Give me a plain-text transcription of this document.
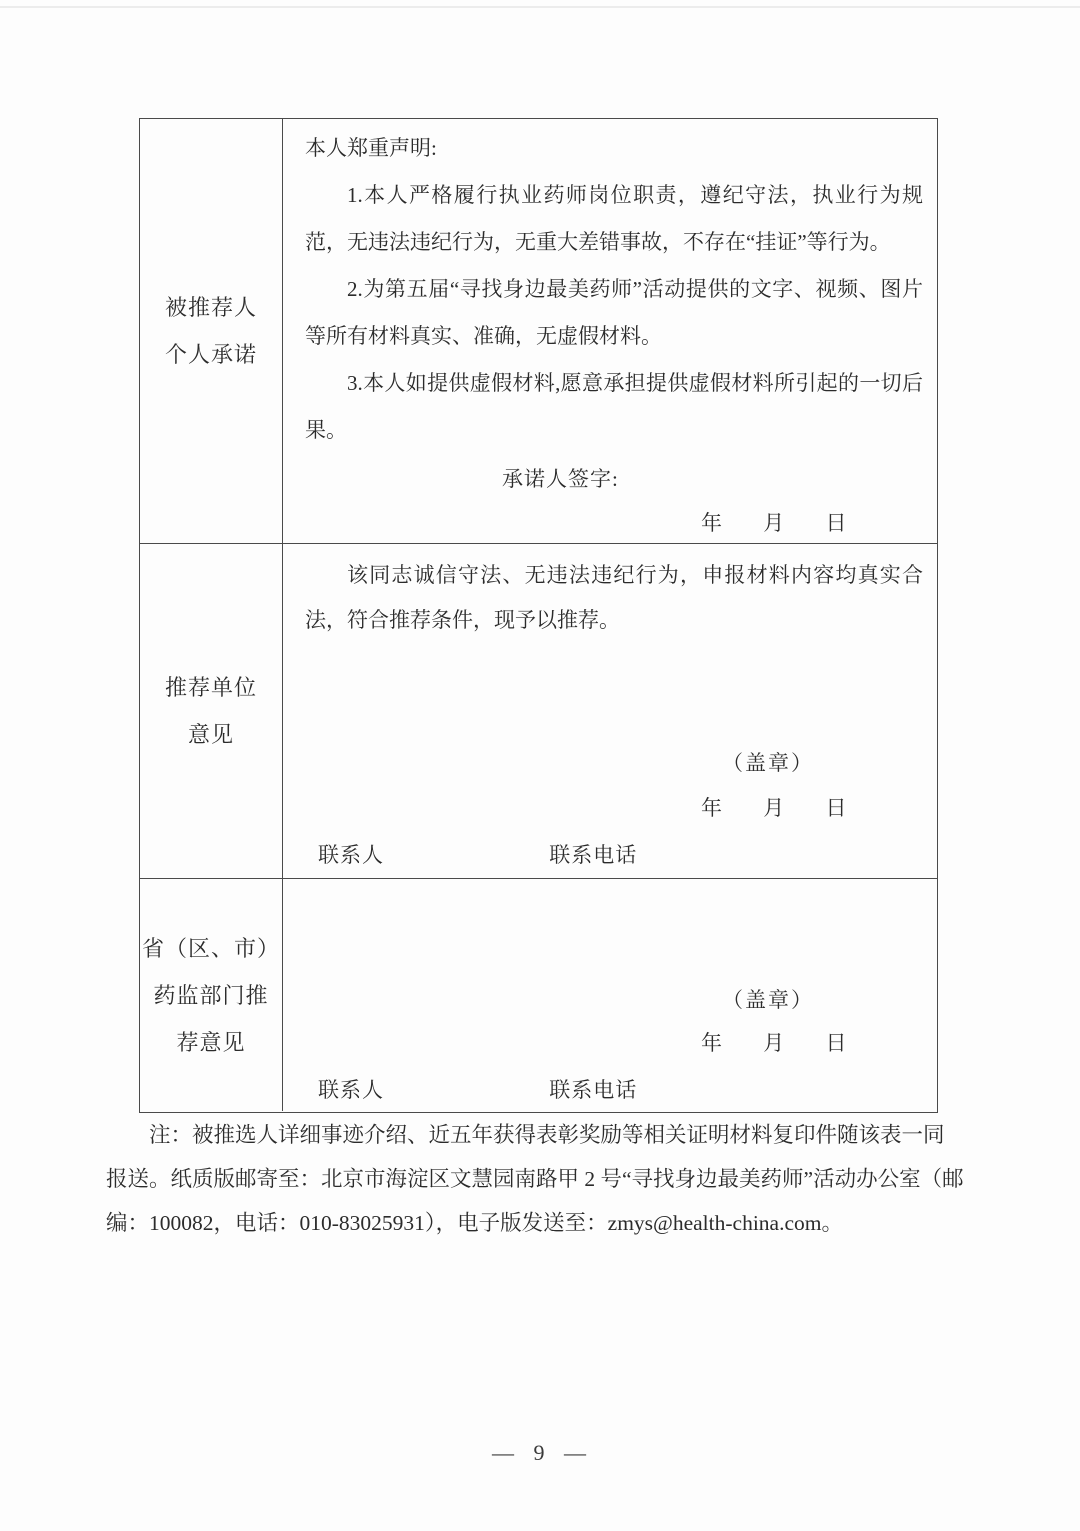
被推荐人
个人承诺

本人郑重声明:

1.本人严格履行执业药师岗位职责，遵纪守法，执业行为规范，无违法违纪行为，无重大差错事故，不存在“挂证”等行为。

2.为第五届“寻找身边最美药师”活动提供的文字、视频、图片等所有材料真实、准确，无虚假材料。

3.本人如提供虚假材料,愿意承担提供虚假材料所引起的一切后果。

承诺人签字:
年 月 日
推荐单位
意见

该同志诚信守法、无违法违纪行为，申报材料内容均真实合法，符合推荐条件，现予以推荐。

（盖章）
年 月 日
联系人	联系电话
省（区、市）
药监部门推
荐意见
（盖章）
年 月 日
联系人	联系电话
注：被推选人详细事迹介绍、近五年获得表彰奖励等相关证明材料复印件随该表一同
报送。纸质版邮寄至：北京市海淀区文慧园南路甲 2 号“寻找身边最美药师”活动办公室（邮
编：100082，电话：010-83025931），电子版发送至：zmys@health-china.com。
— 9 —
